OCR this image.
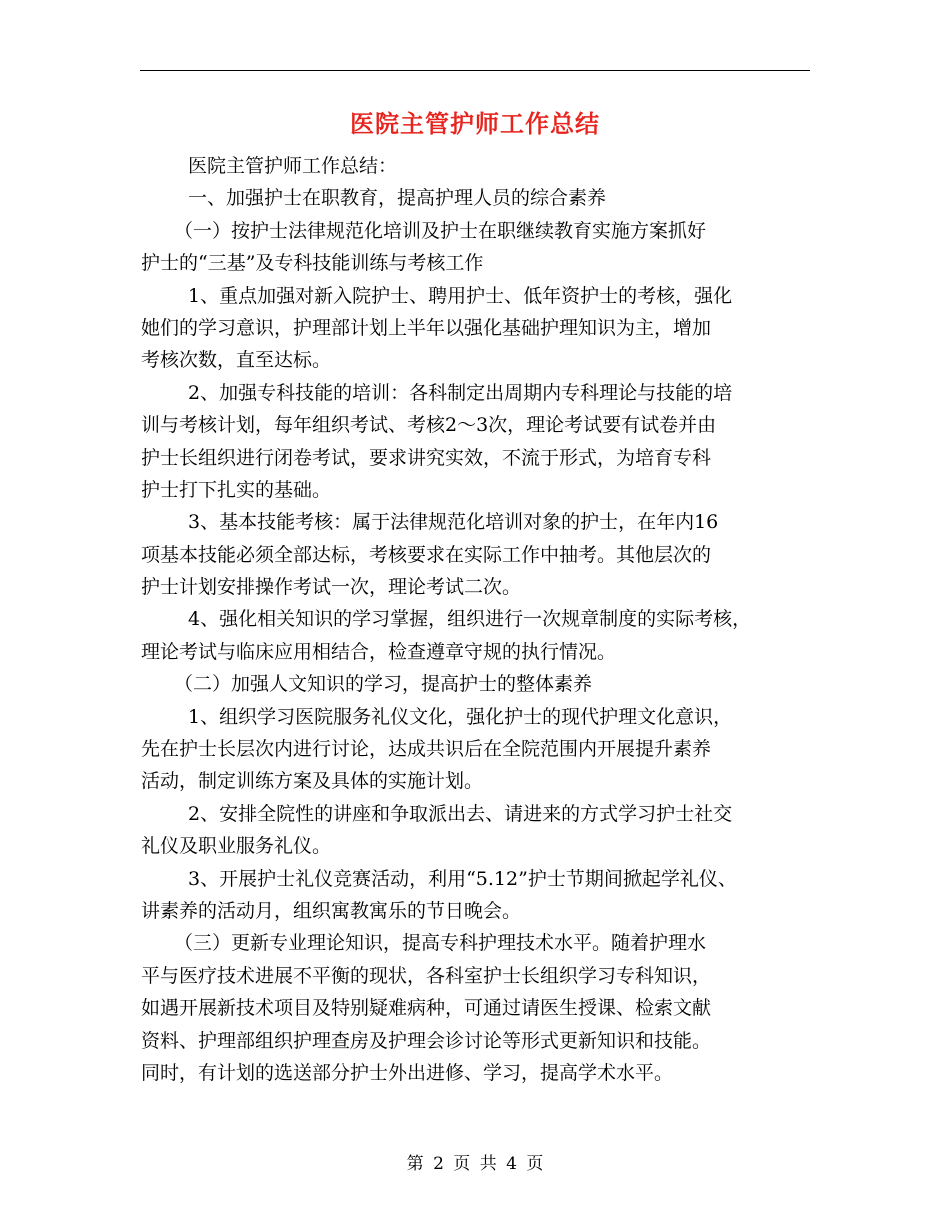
医院主管护师工作总结
医院主管护师工作总结：
一、加强护士在职教育，提高护理人员的综合素养
（一）按护士法律规范化培训及护士在职继续教育实施方案抓好
护士的“三基”及专科技能训练与考核工作
1、重点加强对新入院护士、聘用护士、低年资护士的考核，强化
她们的学习意识，护理部计划上半年以强化基础护理知识为主，增加
考核次数，直至达标。
2、加强专科技能的培训：各科制定出周期内专科理论与技能的培
训与考核计划，每年组织考试、考核2～3次，理论考试要有试卷并由
护士长组织进行闭卷考试，要求讲究实效，不流于形式，为培育专科
护士打下扎实的基础。
3、基本技能考核：属于法律规范化培训对象的护士，在年内16
项基本技能必须全部达标，考核要求在实际工作中抽考。其他层次的
护士计划安排操作考试一次，理论考试二次。
4、强化相关知识的学习掌握，组织进行一次规章制度的实际考核，
理论考试与临床应用相结合，检查遵章守规的执行情况。
（二）加强人文知识的学习，提高护士的整体素养
1、组织学习医院服务礼仪文化，强化护士的现代护理文化意识，
先在护士长层次内进行讨论，达成共识后在全院范围内开展提升素养
活动，制定训练方案及具体的实施计划。
2、安排全院性的讲座和争取派出去、请进来的方式学习护士社交
礼仪及职业服务礼仪。
3、开展护士礼仪竞赛活动，利用“5.12”护士节期间掀起学礼仪、
讲素养的活动月，组织寓教寓乐的节日晚会。
（三）更新专业理论知识，提高专科护理技术水平。随着护理水
平与医疗技术进展不平衡的现状，各科室护士长组织学习专科知识，
如遇开展新技术项目及特别疑难病种，可通过请医生授课、检索文献
资料、护理部组织护理查房及护理会诊讨论等形式更新知识和技能。
同时，有计划的选送部分护士外出进修、学习，提高学术水平。
第 2 页 共 4 页
